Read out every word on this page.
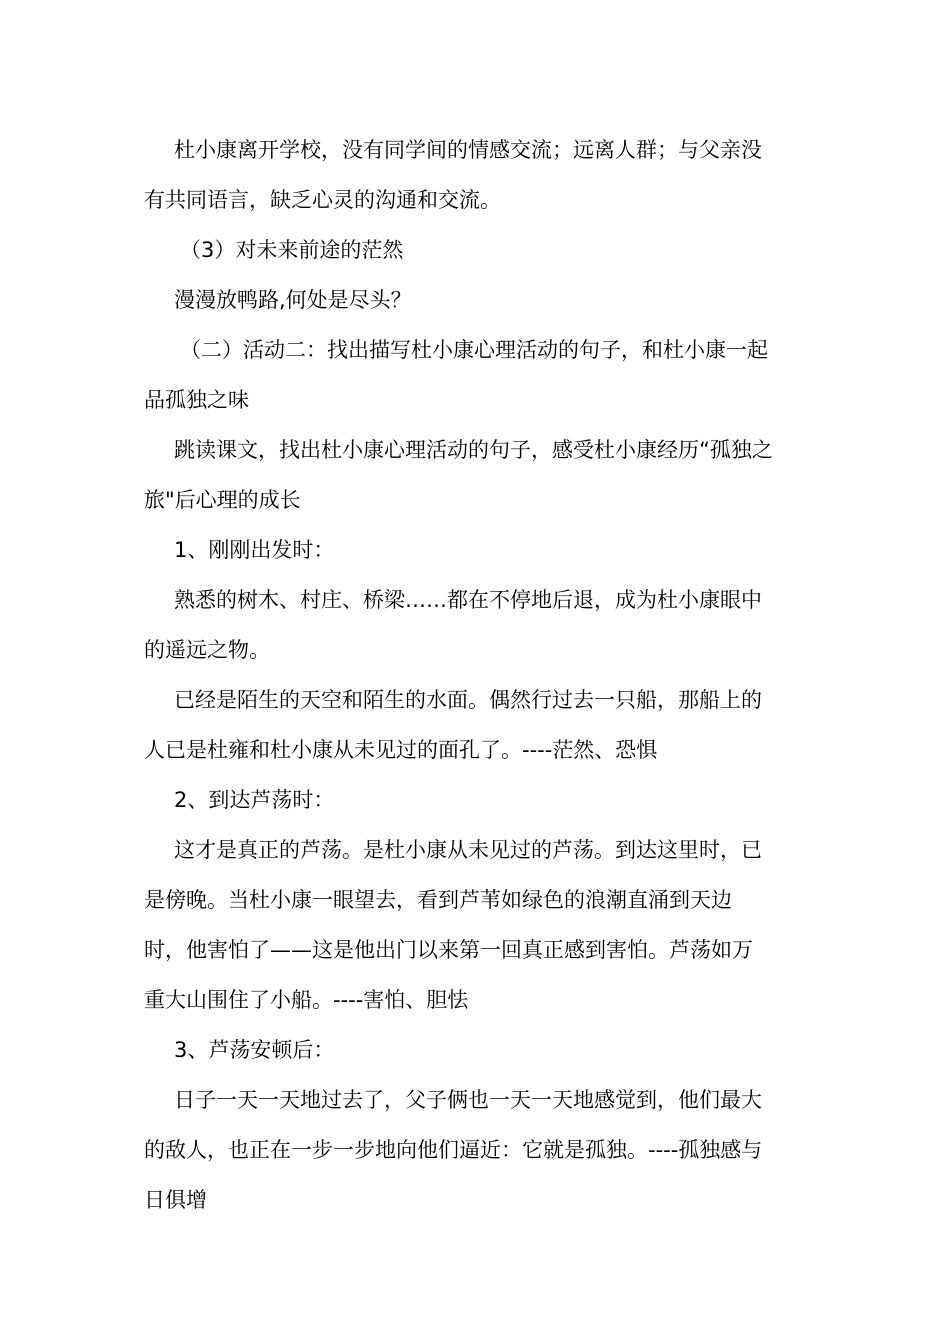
杜小康离开学校，没有同学间的情感交流；远离人群；与父亲没
有共同语言，缺乏心灵的沟通和交流。
（3）对未来前途的茫然
漫漫放鸭路,何处是尽头？
（二）活动二：找出描写杜小康心理活动的句子，和杜小康一起
品孤独之味
跳读课文，找出杜小康心理活动的句子，感受杜小康经历“孤独之
旅"后心理的成长
1、刚刚出发时：
熟悉的树木、村庄、桥梁……都在不停地后退，成为杜小康眼中
的遥远之物。
已经是陌生的天空和陌生的水面。偶然行过去一只船，那船上的
人已是杜雍和杜小康从未见过的面孔了。----茫然、恐惧
2、到达芦荡时：
这才是真正的芦荡。是杜小康从未见过的芦荡。到达这里时，已
是傍晚。当杜小康一眼望去，看到芦苇如绿色的浪潮直涌到天边
时，他害怕了——这是他出门以来第一回真正感到害怕。芦荡如万
重大山围住了小船。----害怕、胆怯
3、芦荡安顿后：
日子一天一天地过去了，父子俩也一天一天地感觉到，他们最大
的敌人，也正在一步一步地向他们逼近：它就是孤独。----孤独感与
日俱增
